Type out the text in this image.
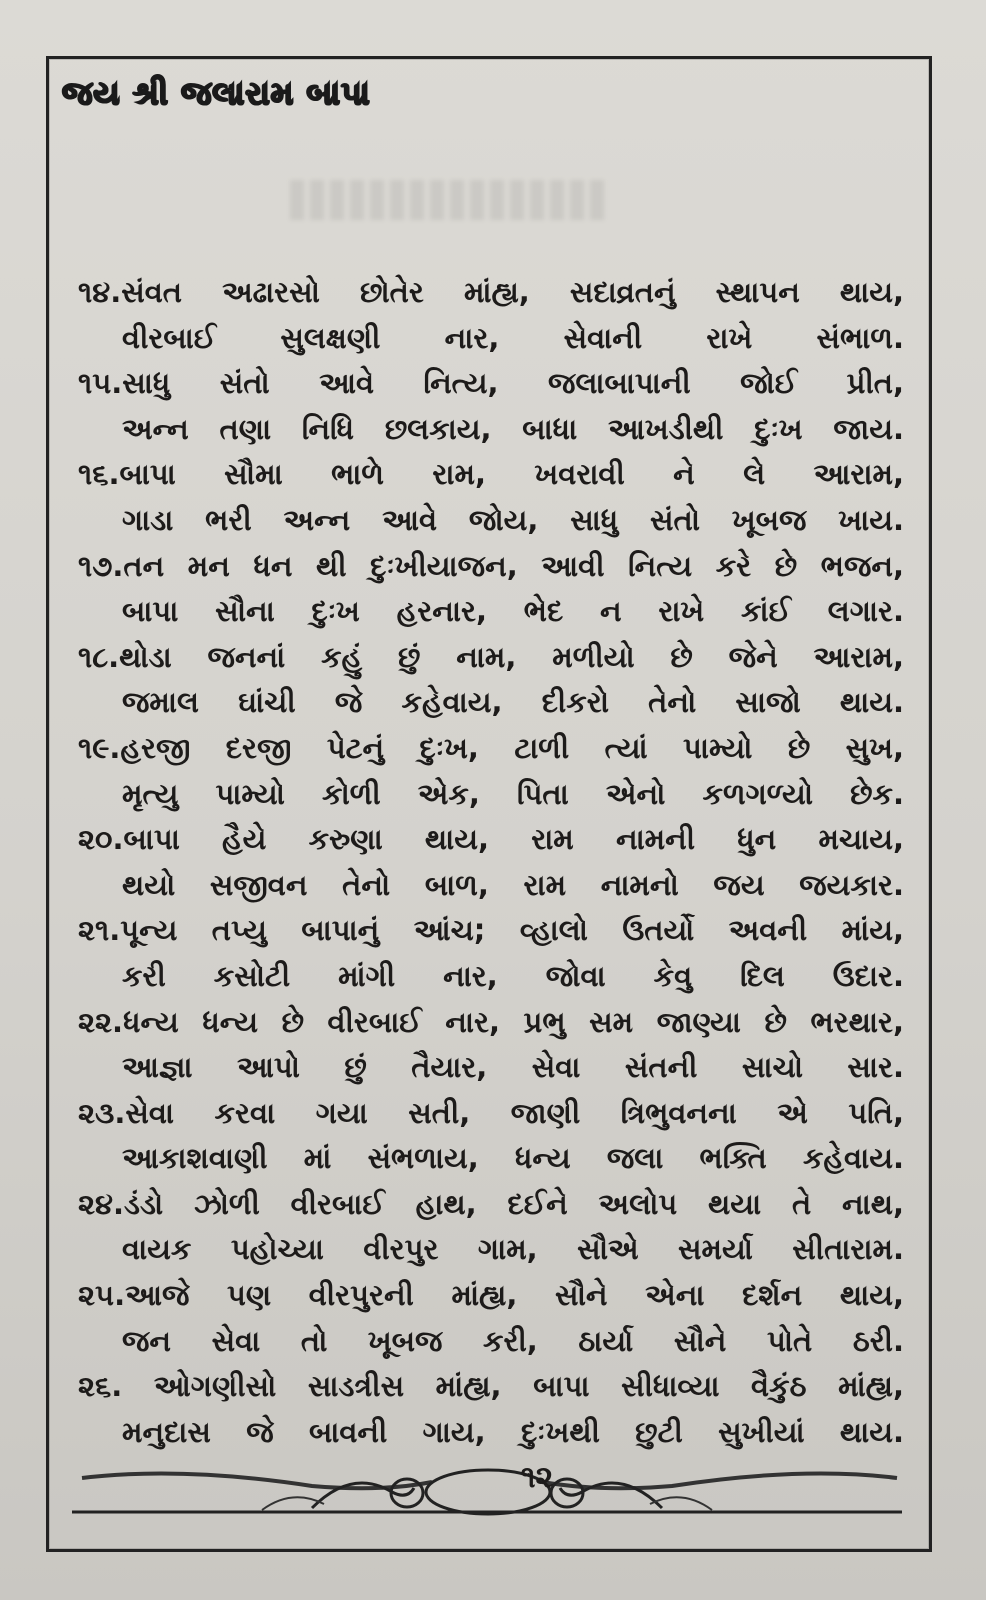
જય શ્રી જલારામ બાપા
૧૪.સંવત અઢારસો છોતેર માંહ્ય, સદાવ્રતનું સ્થાપન થાય,
વીરબાઈ સુલક્ષણી નાર, સેવાની રાખે સંભાળ.
૧૫.સાધુ સંતો આવે નિત્ય, જલાબાપાની જોઈ પ્રીત,
અન્ન તણા નિધિ છલકાય, બાધા આખડીથી દુઃખ જાય.
૧૬.બાપા સૌમા ભાળે રામ, ખવરાવી ને લે આરામ,
ગાડા ભરી અન્ન આવે જોય, સાધુ સંતો ખૂબજ ખાય.
૧૭.તન મન ધન થી દુઃખીયાજન, આવી નિત્ય કરે છે ભજન,
બાપા સૌના દુઃખ હરનાર, ભેદ ન રાખે કાંઈ લગાર.
૧૮.થોડા જનનાં કહું છું નામ, મળીયો છે જેને આરામ,
જમાલ ઘાંચી જે કહેવાય, દીકરો તેનો સાજો થાય.
૧૯.હરજી દરજી પેટનું દુઃખ, ટાળી ત્યાં પામ્યો છે સુખ,
મૃત્યુ પામ્યો કોળી એક, પિતા એનો કળગળ્યો છેક.
૨૦.બાપા હૈયે કરુણા થાય, રામ નામની ધુન મચાય,
થયો સજીવન તેનો બાળ, રામ નામનો જય જયકાર.
૨૧.પૂન્ય તપ્યુ બાપાનું આંચ; વ્હાલો ઉતર્યો અવની માંય,
કરી કસોટી માંગી નાર, જોવા કેવુ દિલ ઉદાર.
૨૨.ધન્ય ધન્ય છે વીરબાઈ નાર, પ્રભુ સમ જાણ્યા છે ભરથાર,
આજ્ઞા આપો છું તૈયાર, સેવા સંતની સાચો સાર.
૨૩.સેવા કરવા ગયા સતી, જાણી ત્રિભુવનના એ પતિ,
આકાશવાણી માં સંભળાય, ધન્ય જલા ભક્તિ કહેવાય.
૨૪.ડંડો ઝોળી વીરબાઈ હાથ, દઈને અલોપ થયા તે નાથ,
વાયક પહોચ્યા વીરપુર ગામ, સૌએ સમર્યા સીતારામ.
૨૫.આજે પણ વીરપુરની માંહ્ય, સૌને એના દર્શન થાય,
જન સેવા તો ખૂબજ કરી, ઠાર્યા સૌને પોતે ઠરી.
૨૬. ઓગણીસો સાડત્રીસ માંહ્ય, બાપા સીધાવ્યા વૈકુંઠ માંહ્ય,
મનુદાસ જે બાવની ગાય, દુઃખથી છુટી સુખીયાં થાય.
૧૨
